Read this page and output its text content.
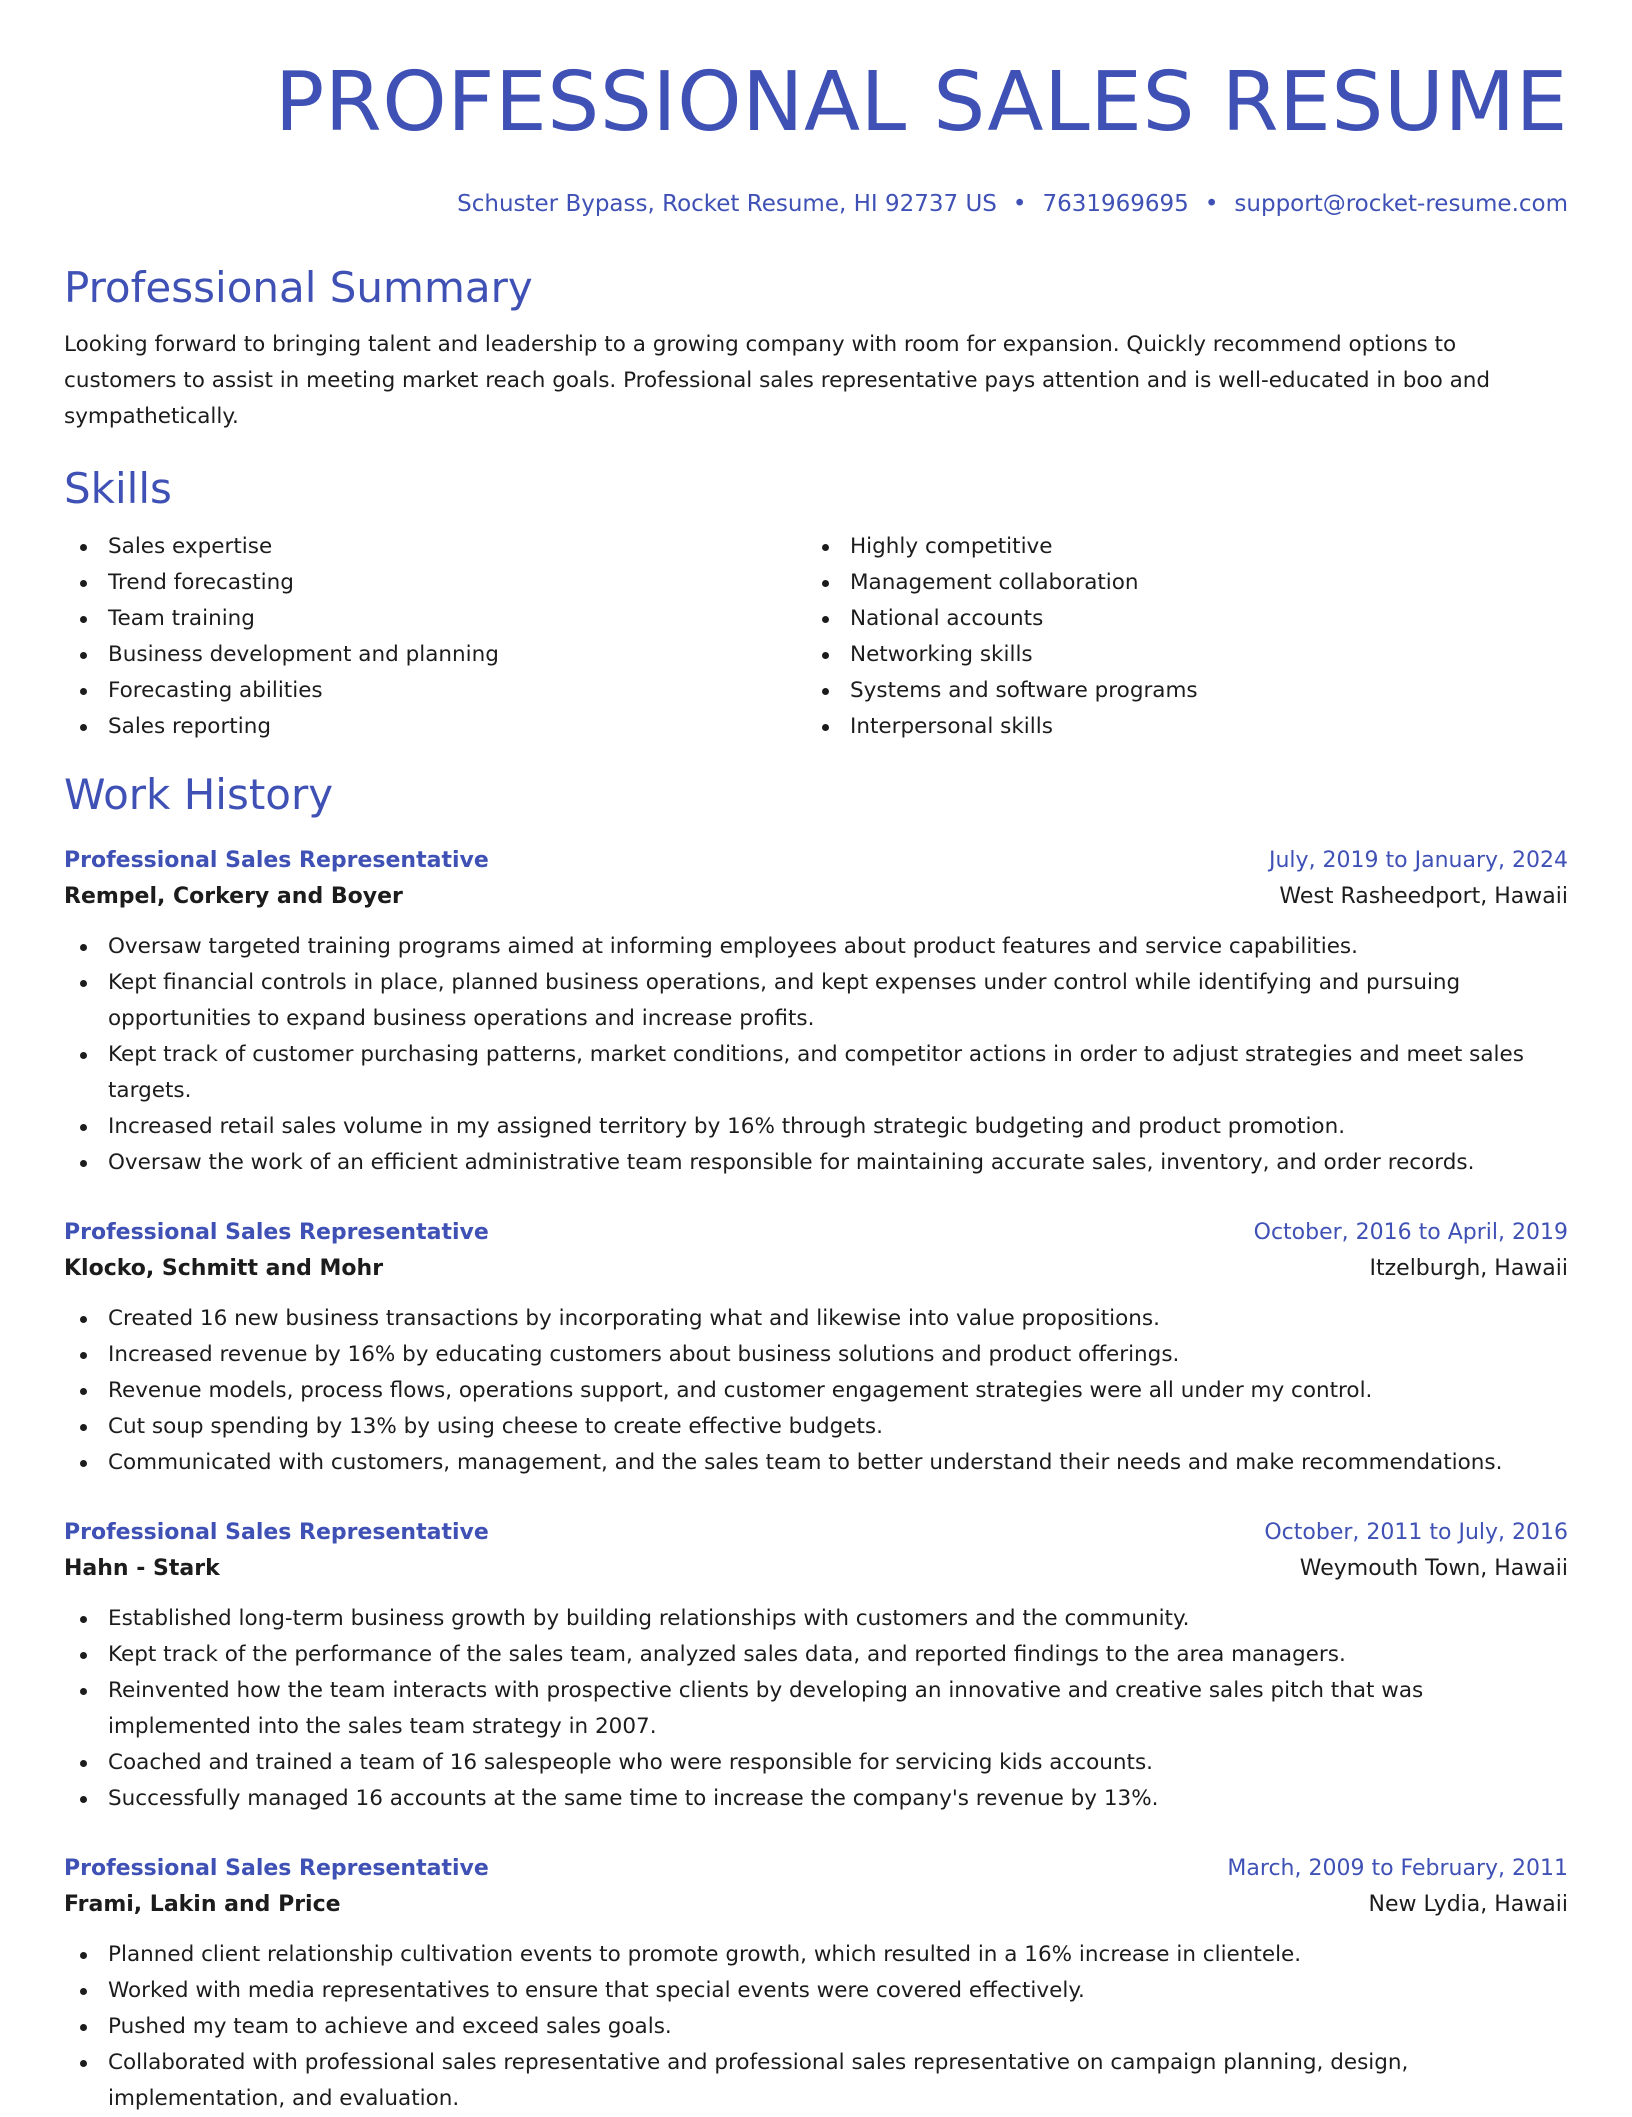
PROFESSIONAL SALES RESUME
Schuster Bypass, Rocket Resume, HI 92737 US • 7631969695 • support@rocket-resume.com
Professional Summary

Looking forward to bringing talent and leadership to a growing company with room for expansion. Quickly recommend options to customers to assist in meeting market reach goals. Professional sales representative pays attention and is well-educated in boo and sympathetically.

Skills
Sales expertise
Trend forecasting
Team training
Business development and planning
Forecasting abilities
Sales reporting
Highly competitive
Management collaboration
National accounts
Networking skills
Systems and software programs
Interpersonal skills
Work History
Professional Sales Representative	July, 2019 to January, 2024
Rempel, Corkery and Boyer	West Rasheedport, Hawaii
Oversaw targeted training programs aimed at informing employees about product features and service capabilities.
Kept financial controls in place, planned business operations, and kept expenses under control while identifying and pursuing opportunities to expand business operations and increase profits.
Kept track of customer purchasing patterns, market conditions, and competitor actions in order to adjust strategies and meet sales targets.
Increased retail sales volume in my assigned territory by 16% through strategic budgeting and product promotion.
Oversaw the work of an efficient administrative team responsible for maintaining accurate sales, inventory, and order records.
Professional Sales Representative	October, 2016 to April, 2019
Klocko, Schmitt and Mohr	Itzelburgh, Hawaii
Created 16 new business transactions by incorporating what and likewise into value propositions.
Increased revenue by 16% by educating customers about business solutions and product offerings.
Revenue models, process flows, operations support, and customer engagement strategies were all under my control.
Cut soup spending by 13% by using cheese to create effective budgets.
Communicated with customers, management, and the sales team to better understand their needs and make recommendations.
Professional Sales Representative	October, 2011 to July, 2016
Hahn - Stark	Weymouth Town, Hawaii
Established long-term business growth by building relationships with customers and the community.
Kept track of the performance of the sales team, analyzed sales data, and reported findings to the area managers.
Reinvented how the team interacts with prospective clients by developing an innovative and creative sales pitch that was implemented into the sales team strategy in 2007.
Coached and trained a team of 16 salespeople who were responsible for servicing kids accounts.
Successfully managed 16 accounts at the same time to increase the company's revenue by 13%.
Professional Sales Representative	March, 2009 to February, 2011
Frami, Lakin and Price	New Lydia, Hawaii
Planned client relationship cultivation events to promote growth, which resulted in a 16% increase in clientele.
Worked with media representatives to ensure that special events were covered effectively.
Pushed my team to achieve and exceed sales goals.
Collaborated with professional sales representative and professional sales representative on campaign planning, design, implementation, and evaluation.
